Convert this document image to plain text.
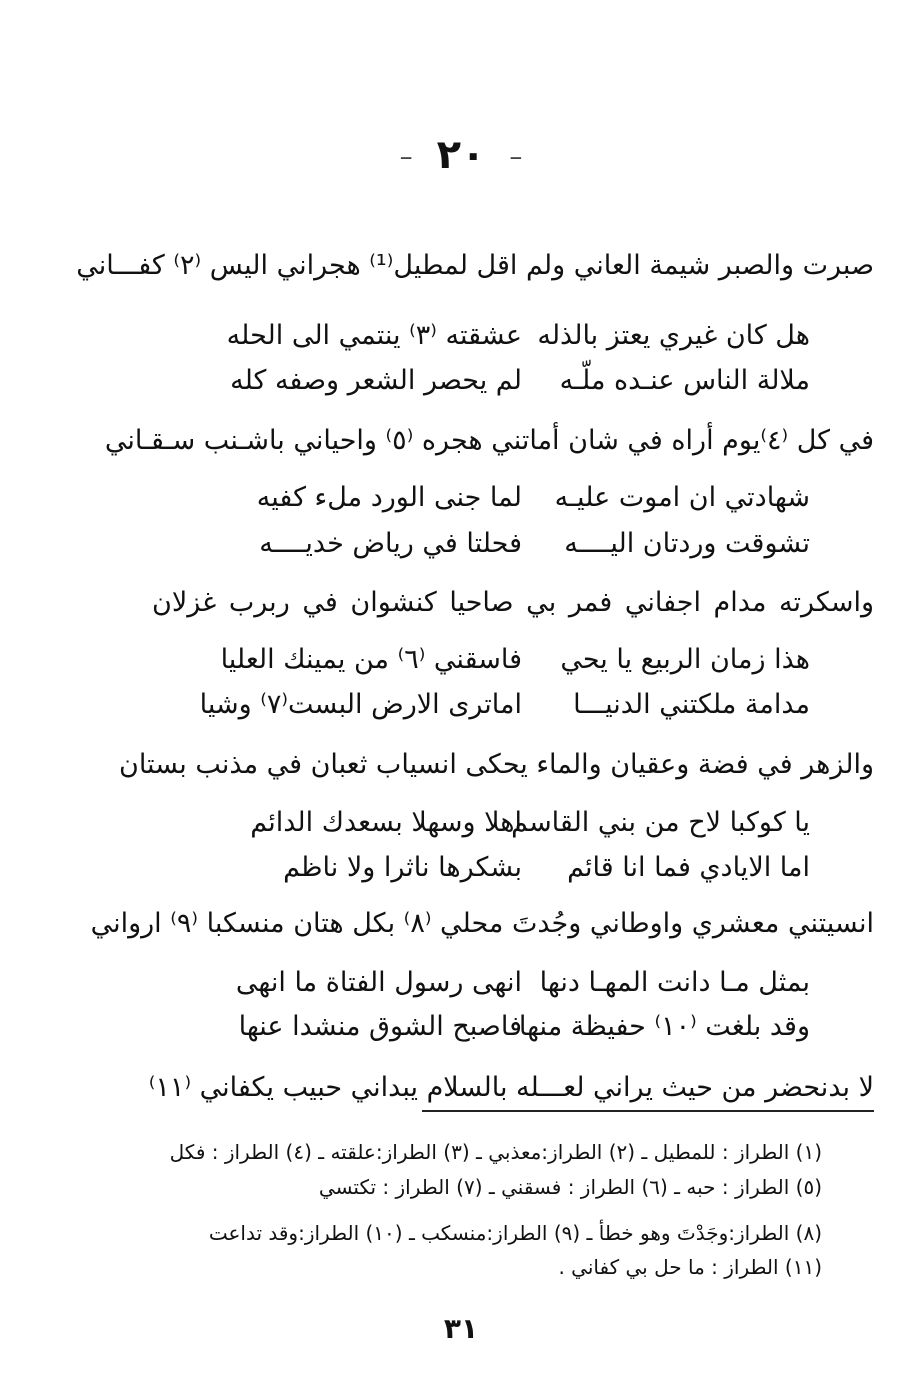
– ٢٠ –
صبرت والصبر شيمة العاني ولم اقل لمطيل⁽¹⁾ هجراني اليس ⁽٢⁾ كفـــاني
هل كان غيري يعتز بالذله
عشقته ⁽٣⁾ ينتمي الى الحله
ملالة الناس عنـده ملّـه
لم يحصر الشعر وصفه كله
في كل ⁽٤⁾يوم أراه في شان أماتني هجره ⁽٥⁾ واحياني باشـنب سـقـاني
شهادتي ان اموت عليـه
لما جنى الورد ملء كفيه
تشوقت وردتان اليــــه
فحلتا في رياض خديــــه
واسكرته مدام اجفاني فمر بي صاحيا كنشوان في ربرب غزلان
هذا زمان الربيع يا يحي
فاسقني ⁽٦⁾ من يمينك العليا
مدامة ملكتني الدنيـــا
اماترى الارض البست⁽٧⁾ وشيا
والزهر في فضة وعقيان والماء يحكى انسياب ثعبان في مذنب بستان
يا كوكبا لاح من بني القاسم
اهلا وسهلا بسعدك الدائم
اما الايادي فما انا قائم
بشكرها ناثرا ولا ناظم
انسيتني معشري واوطاني وجُدتَ محلي ⁽٨⁾ بكل هتان منسكبا ⁽٩⁾ ارواني
بمثل مـا دانت المهـا دنها
انهى رسول الفتاة ما انهى
وقد بلغت ⁽١٠⁾ حفيظة منها
فاصبح الشوق منشدا عنها
لا بدنحضر من حيث يراني لعـــله بالسلام يبداني حبيب يكفاني ⁽١١⁾
(١) الطراز : للمطيل ـ (٢) الطراز:معذبي ـ (٣) الطراز:علقته ـ (٤) الطراز : فكل
(٥) الطراز : حبه ـ (٦) الطراز : فسقني ـ (٧) الطراز : تكتسي
(٨) الطراز:وجَدْتَ وهو خطأ ـ (٩) الطراز:منسكب ـ (١٠) الطراز:وقد تداعت
(١١) الطراز : ما حل بي كفاني .
٣١
